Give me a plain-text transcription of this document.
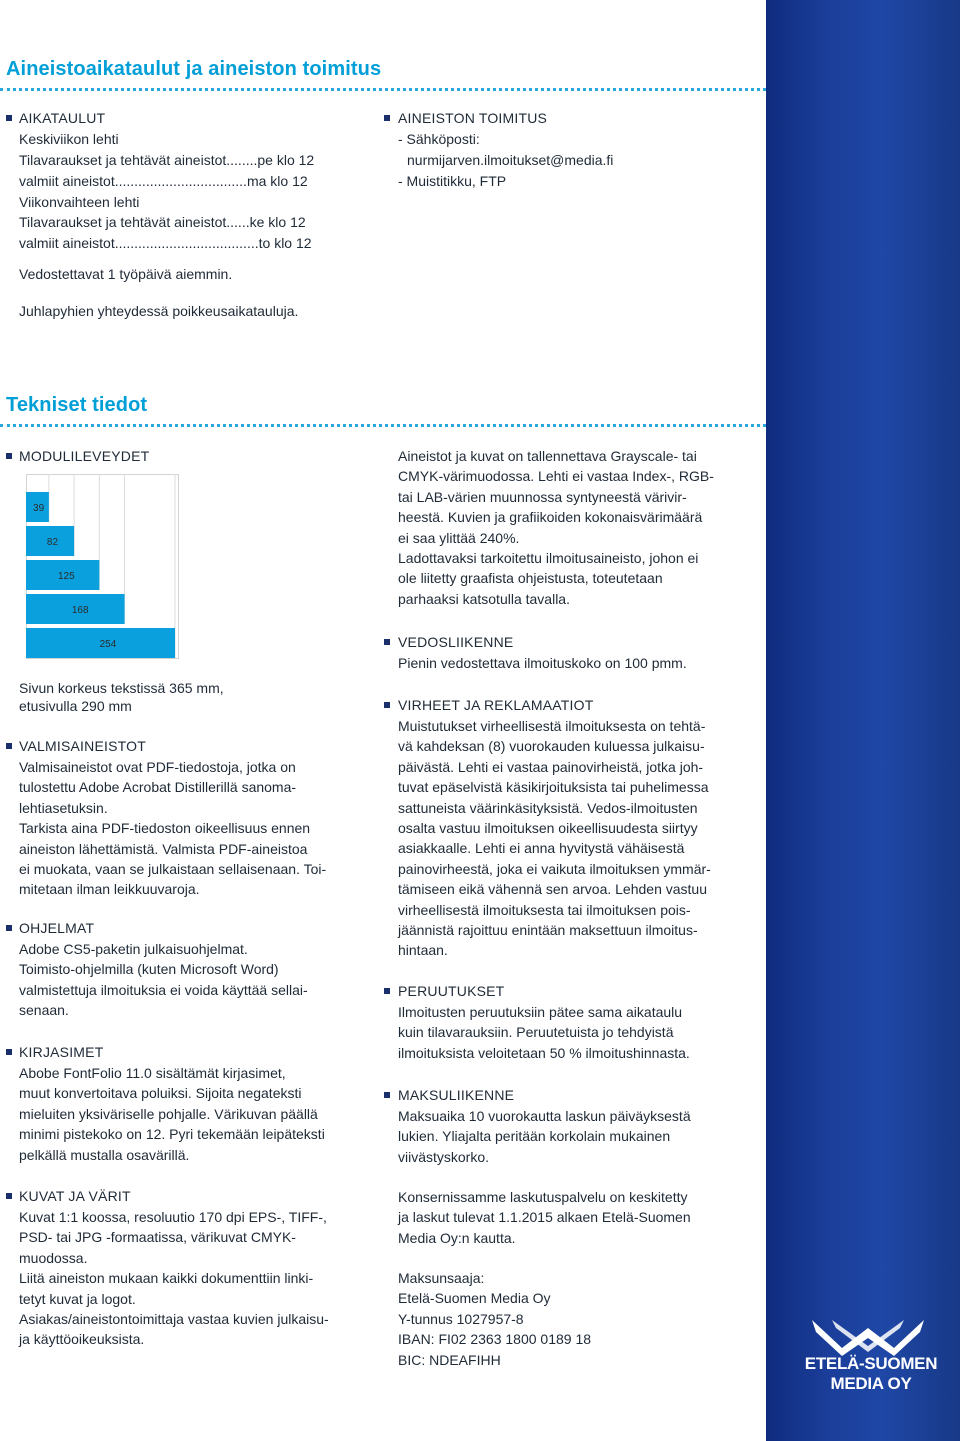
Aineistoaikataulut ja aineiston toimitus
AIKATAULUT
Keskiviikon lehti
Tilavaraukset ja tehtävät aineistot........pe klo 12
valmiit aineistot..................................ma klo 12
Viikonvaihteen lehti
Tilavaraukset ja tehtävät aineistot......ke klo 12
valmiit aineistot.....................................to klo 12
Vedostettavat 1 työpäivä aiemmin.
Juhlapyhien yhteydessä poikkeusaikatauluja.
AINEISTON TOIMITUS
- Sähköposti:
nurmijarven.ilmoitukset@media.fi
- Muistitikku, FTP
Tekniset tiedot
MODULILEVEYDET
39
82
125
168
254
Sivun korkeus tekstissä 365 mm,
etusivulla 290 mm
VALMISAINEISTOT
Valmisaineistot ovat PDF-tiedostoja, jotka on
tulostettu Adobe Acrobat Distillerillä sanoma-
lehtiasetuksin.
Tarkista aina PDF-tiedoston oikeellisuus ennen
aineiston lähettämistä. Valmista PDF-aineistoa
ei muokata, vaan se julkaistaan sellaisenaan. Toi-
mitetaan ilman leikkuuvaroja.
OHJELMAT
Adobe CS5-paketin julkaisuohjelmat.
Toimisto-ohjelmilla (kuten Microsoft Word)
valmistettuja ilmoituksia ei voida käyttää sellai-
senaan.
KIRJASIMET
Abobe FontFolio 11.0 sisältämät kirjasimet,
muut konvertoitava poluiksi. Sijoita negateksti
mieluiten yksiväriselle pohjalle. Värikuvan päällä
minimi pistekoko on 12. Pyri tekemään leipäteksti
pelkällä mustalla osavärillä.
KUVAT JA VÄRIT
Kuvat 1:1 koossa, resoluutio 170 dpi EPS-, TIFF-,
PSD- tai JPG -formaatissa, värikuvat CMYK-
muodossa.
Liitä aineiston mukaan kaikki dokumenttiin linki-
tetyt kuvat ja logot.
Asiakas/aineistontoimittaja vastaa kuvien julkaisu-
ja käyttöoikeuksista.
Aineistot ja kuvat on tallennettava Grayscale- tai
CMYK-värimuodossa. Lehti ei vastaa Index-, RGB-
tai LAB-värien muunnossa syntyneestä värivir-
heestä. Kuvien ja grafiikoiden kokonaisvärimäärä
ei saa ylittää 240%.
Ladottavaksi tarkoitettu ilmoitusaineisto, johon ei
ole liitetty graafista ohjeistusta, toteutetaan
parhaaksi katsotulla tavalla.
VEDOSLIIKENNE
Pienin vedostettava ilmoituskoko on 100 pmm.
VIRHEET JA REKLAMAATIOT
Muistutukset virheellisestä ilmoituksesta on tehtä-
vä kahdeksan (8) vuorokauden kuluessa julkaisu-
päivästä. Lehti ei vastaa painovirheistä, jotka joh-
tuvat epäselvistä käsikirjoituksista tai puhelimessa
sattuneista väärinkäsityksistä. Vedos-ilmoitusten
osalta vastuu ilmoituksen oikeellisuudesta siirtyy
asiakkaalle. Lehti ei anna hyvitystä vähäisestä
painovirheestä, joka ei vaikuta ilmoituksen ymmär-
tämiseen eikä vähennä sen arvoa. Lehden vastuu
virheellisestä ilmoituksesta tai ilmoituksen pois-
jäännistä rajoittuu enintään maksettuun ilmoitus-
hintaan.
PERUUTUKSET
Ilmoitusten peruutuksiin pätee sama aikataulu
kuin tilavarauksiin. Peruutetuista jo tehdyistä
ilmoituksista veloitetaan 50 % ilmoitushinnasta.
MAKSULIIKENNE
Maksuaika 10 vuorokautta laskun päiväyksestä
lukien. Yliajalta peritään korkolain mukainen
viivästyskorko.
Konsernissamme laskutuspalvelu on keskitetty
ja laskut tulevat 1.1.2015 alkaen Etelä-Suomen
Media Oy:n kautta.
Maksunsaaja:
Etelä-Suomen Media Oy
Y-tunnus 1027957-8
IBAN: FI02 2363 1800 0189 18
BIC: NDEAFIHH	ETELÄ-SUOMEN MEDIA OY
